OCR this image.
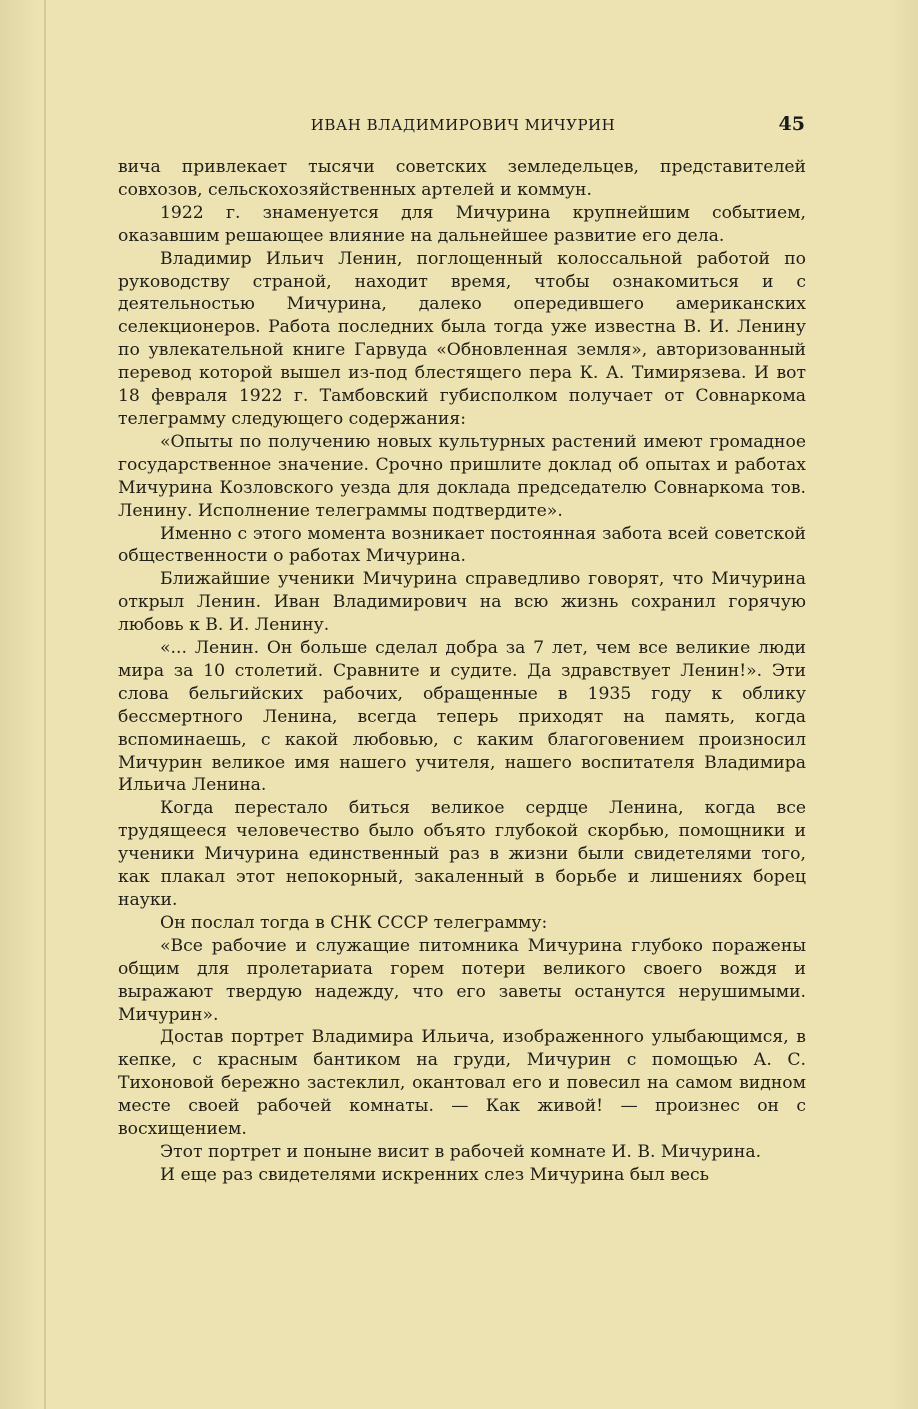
ИВАН ВЛАДИМИРОВИЧ МИЧУРИН	45

вича привлекает тысячи советских земледельцев, представителей совхозов, сельскохозяйственных артелей и коммун.

1922 г. знаменуется для Мичурина крупнейшим событием, оказавшим решающее влияние на дальнейшее развитие его дела.

Владимир Ильич Ленин, поглощенный колоссальной работой по руководству страной, находит время, чтобы ознакомиться и с деятельностью Мичурина, далеко опередившего американских селекционеров. Работа последних была тогда уже известна В. И. Ленину по увлекательной книге Гарвуда «Обновленная земля», авторизованный перевод которой вышел из-под блестящего пера К. А. Тимирязева. И вот 18 февраля 1922 г. Тамбовский губисполком получает от Совнаркома телеграмму следующего содержания:

«Опыты по получению новых культурных растений имеют громадное государственное значение. Срочно пришлите доклад об опытах и работах Мичурина Козловского уезда для доклада председателю Совнаркома тов. Ленину. Исполнение телеграммы подтвердите».

Именно с этого момента возникает постоянная забота всей советской общественности о работах Мичурина.

Ближайшие ученики Мичурина справедливо говорят, что Мичурина открыл Ленин. Иван Владимирович на всю жизнь сохранил горячую любовь к В. И. Ленину.

«... Ленин. Он больше сделал добра за 7 лет, чем все великие люди мира за 10 столетий. Сравните и судите. Да здравствует Ленин!». Эти слова бельгийских рабочих, обращенные в 1935 году к облику бессмертного Ленина, всегда теперь приходят на память, когда вспоминаешь, с какой любовью, с каким благоговением произносил Мичурин великое имя нашего учителя, нашего воспитателя Владимира Ильича Ленина.

Когда перестало биться великое сердце Ленина, когда все трудящееся человечество было объято глубокой скорбью, помощники и ученики Мичурина единственный раз в жизни были свидетелями того, как плакал этот непокорный, закаленный в борьбе и лишениях борец науки.

Он послал тогда в СНК СССР телеграмму:

«Все рабочие и служащие питомника Мичурина глубоко поражены общим для пролетариата горем потери великого своего вождя и выражают твердую надежду, что его заветы останутся нерушимыми. Мичурин».

Достав портрет Владимира Ильича, изображенного улыбающимся, в кепке, с красным бантиком на груди, Мичурин с помощью А. С. Тихоновой бережно застеклил, окантовал его и повесил на самом видном месте своей рабочей комнаты. — Как живой! — произнес он с восхищением.

Этот портрет и поныне висит в рабочей комнате И. В. Мичурина.

И еще раз свидетелями искренних слез Мичурина был весь
